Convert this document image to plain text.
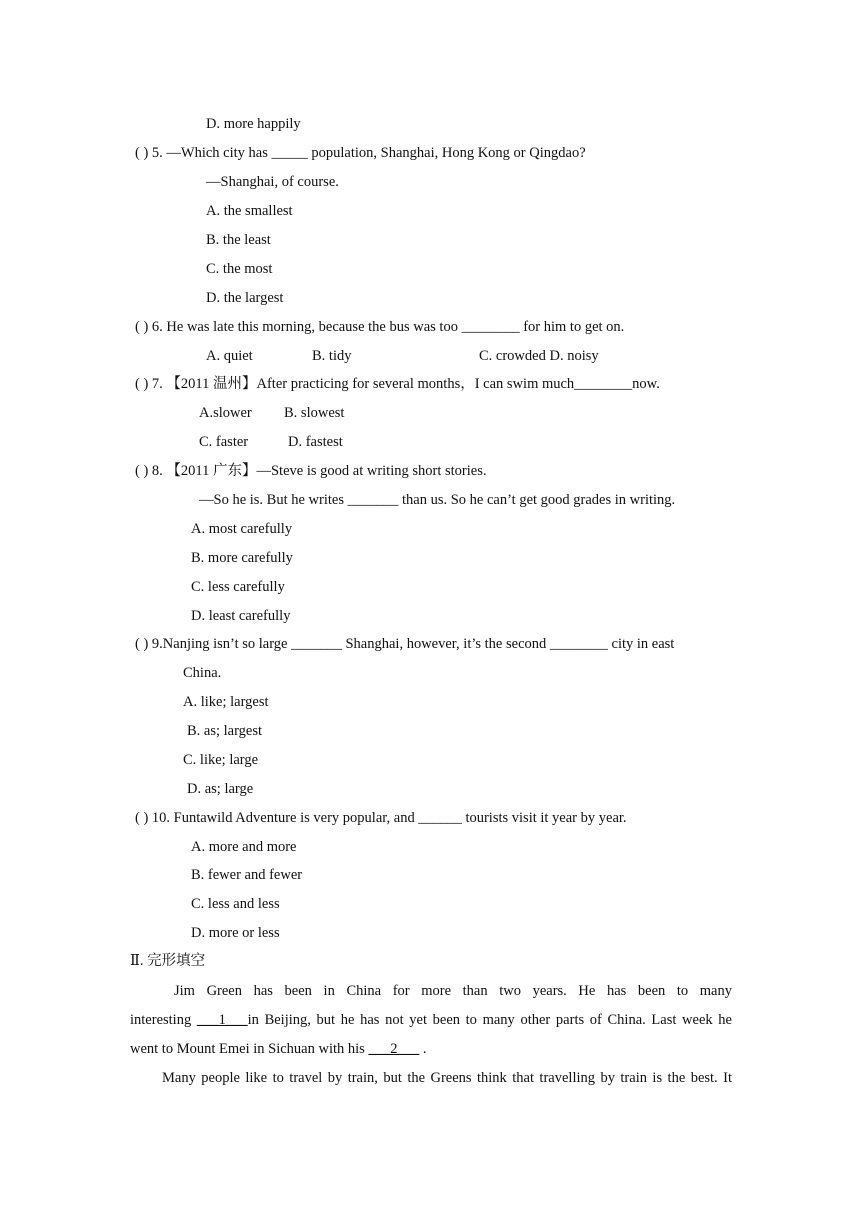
D. more happily
( ) 5. —Which city has _____ population, Shanghai, Hong Kong or Qingdao?
—Shanghai, of course.
A. the smallest
B. the least
C. the most
D. the largest
( ) 6. He was late this morning, because the bus was too ________ for him to get on.
A. quiet	B. tidy	C. crowded D. noisy
( ) 7. 【2011 温州】After practicing for several months，I can swim much________now.
A.slower B. slowest
C. faster	D. fastest
( ) 8. 【2011 广东】—Steve is good at writing short stories.
—So he is. But he writes _______ than us. So he can’t get good grades in writing.
A. most carefully
B. more carefully
C. less carefully
D. least carefully
( ) 9.Nanjing isn’t so large _______ Shanghai, however, it’s the second ________ city in east
China.
A. like; largest
B. as; largest
C. like; large
D. as; large
( ) 10. Funtawild Adventure is very popular, and ______ tourists visit it year by year.
A. more and more
B. fewer and fewer
C. less and less
D. more or less
Ⅱ. 完形填空
Jim Green has been in China for more than two years. He has been to many
interesting ___1___in Beijing, but he has not yet been to many other parts of China. Last week he
went to Mount Emei in Sichuan with his ___2___ .
Many people like to travel by train, but the Greens think that travelling by train is the best. It
